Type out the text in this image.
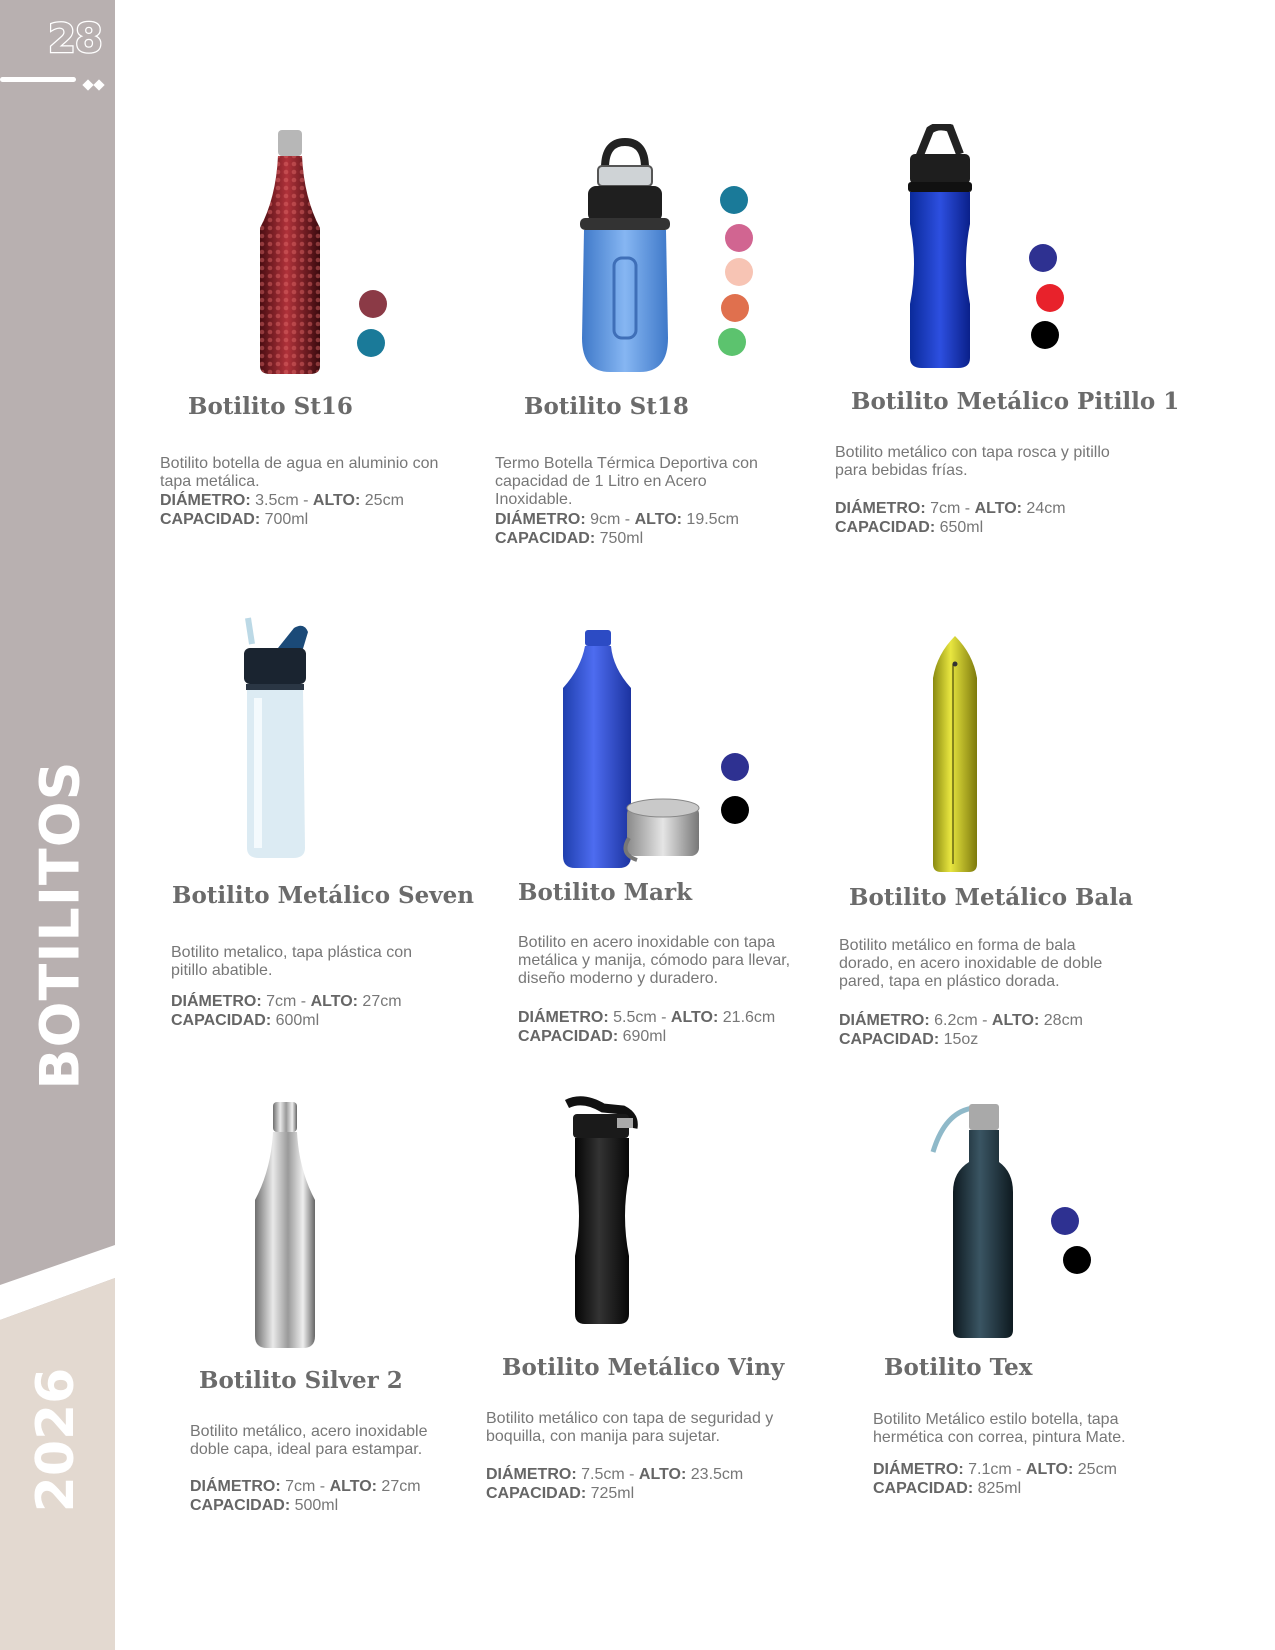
28
BOTILITOS
2026
Botilito St16
Botilito botella de agua en aluminio con tapa metálica.
DIÁMETRO: 3.5cm - ALTO: 25cm
CAPACIDAD: 700ml
Botilito St18
Termo Botella Térmica Deportiva con capacidad de 1 Litro en Acero Inoxidable.
DIÁMETRO: 9cm - ALTO: 19.5cm
CAPACIDAD: 750ml
Botilito Metálico Pitillo 1
Botilito metálico con tapa rosca y pitillo para bebidas frías.
DIÁMETRO: 7cm - ALTO: 24cm
CAPACIDAD: 650ml
Botilito Metálico Seven
Botilito metalico, tapa plástica con pitillo abatible.
DIÁMETRO: 7cm - ALTO: 27cm
CAPACIDAD: 600ml
Botilito Mark
Botilito en acero inoxidable con tapa metálica y manija, cómodo para llevar, diseño moderno y duradero.
DIÁMETRO: 5.5cm - ALTO: 21.6cm
CAPACIDAD: 690ml
Botilito Metálico Bala
Botilito metálico en forma de bala dorado, en acero inoxidable de doble pared, tapa en plástico dorada.
DIÁMETRO: 6.2cm - ALTO: 28cm
CAPACIDAD: 15oz
Botilito Silver 2
Botilito metálico, acero inoxidable doble capa, ideal para estampar.
DIÁMETRO: 7cm - ALTO: 27cm
CAPACIDAD: 500ml
Botilito Metálico Viny
Botilito metálico con tapa de seguridad y boquilla, con manija para sujetar.
DIÁMETRO: 7.5cm - ALTO: 23.5cm
CAPACIDAD: 725ml
Botilito Tex
Botilito Metálico estilo botella, tapa hermética con correa, pintura Mate.
DIÁMETRO: 7.1cm - ALTO: 25cm
CAPACIDAD: 825ml
